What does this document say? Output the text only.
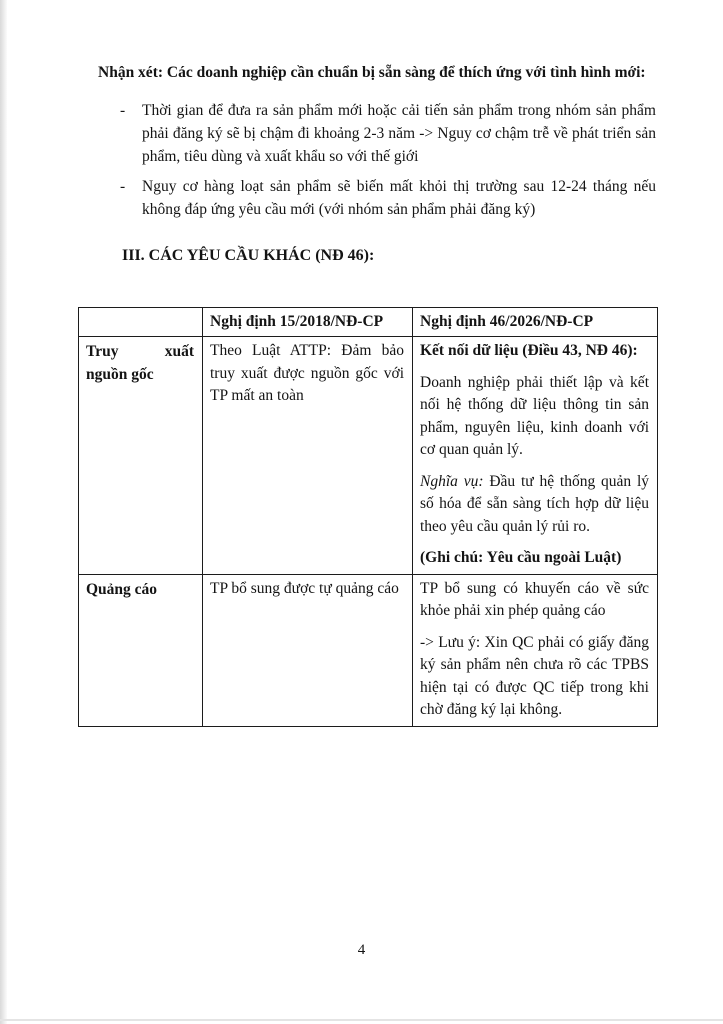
Nhận xét: Các doanh nghiệp cần chuẩn bị sẵn sàng để thích ứng với tình hình mới:

- Thời gian để đưa ra sản phẩm mới hoặc cải tiến sản phẩm trong nhóm sản phẩm phải đăng ký sẽ bị chậm đi khoảng 2-3 năm -> Nguy cơ chậm trễ về phát triển sản phẩm, tiêu dùng và xuất khẩu so với thế giới
- Nguy cơ hàng loạt sản phẩm sẽ biến mất khỏi thị trường sau 12-24 tháng nếu không đáp ứng yêu cầu mới (với nhóm sản phẩm phải đăng ký)
III. CÁC YÊU CẦU KHÁC (NĐ 46):
	Nghị định 15/2018/NĐ-CP	Nghị định 46/2026/NĐ-CP
Truy xuất nguồn gốc	Theo Luật ATTP: Đảm bảo truy xuất được nguồn gốc với TP mất an toàn	Kết nối dữ liệu (Điều 43, NĐ 46):

Doanh nghiệp phải thiết lập và kết nối hệ thống dữ liệu thông tin sản phẩm, nguyên liệu, kinh doanh với cơ quan quản lý.

Nghĩa vụ: Đầu tư hệ thống quản lý số hóa để sẵn sàng tích hợp dữ liệu theo yêu cầu quản lý rủi ro.

(Ghi chú: Yêu cầu ngoài Luật)

Quảng cáo	TP bổ sung được tự quảng cáo	TP bổ sung có khuyến cáo về sức khỏe phải xin phép quảng cáo

-> Lưu ý: Xin QC phải có giấy đăng ký sản phẩm nên chưa rõ các TPBS hiện tại có được QC tiếp trong khi chờ đăng ký lại không.

4
